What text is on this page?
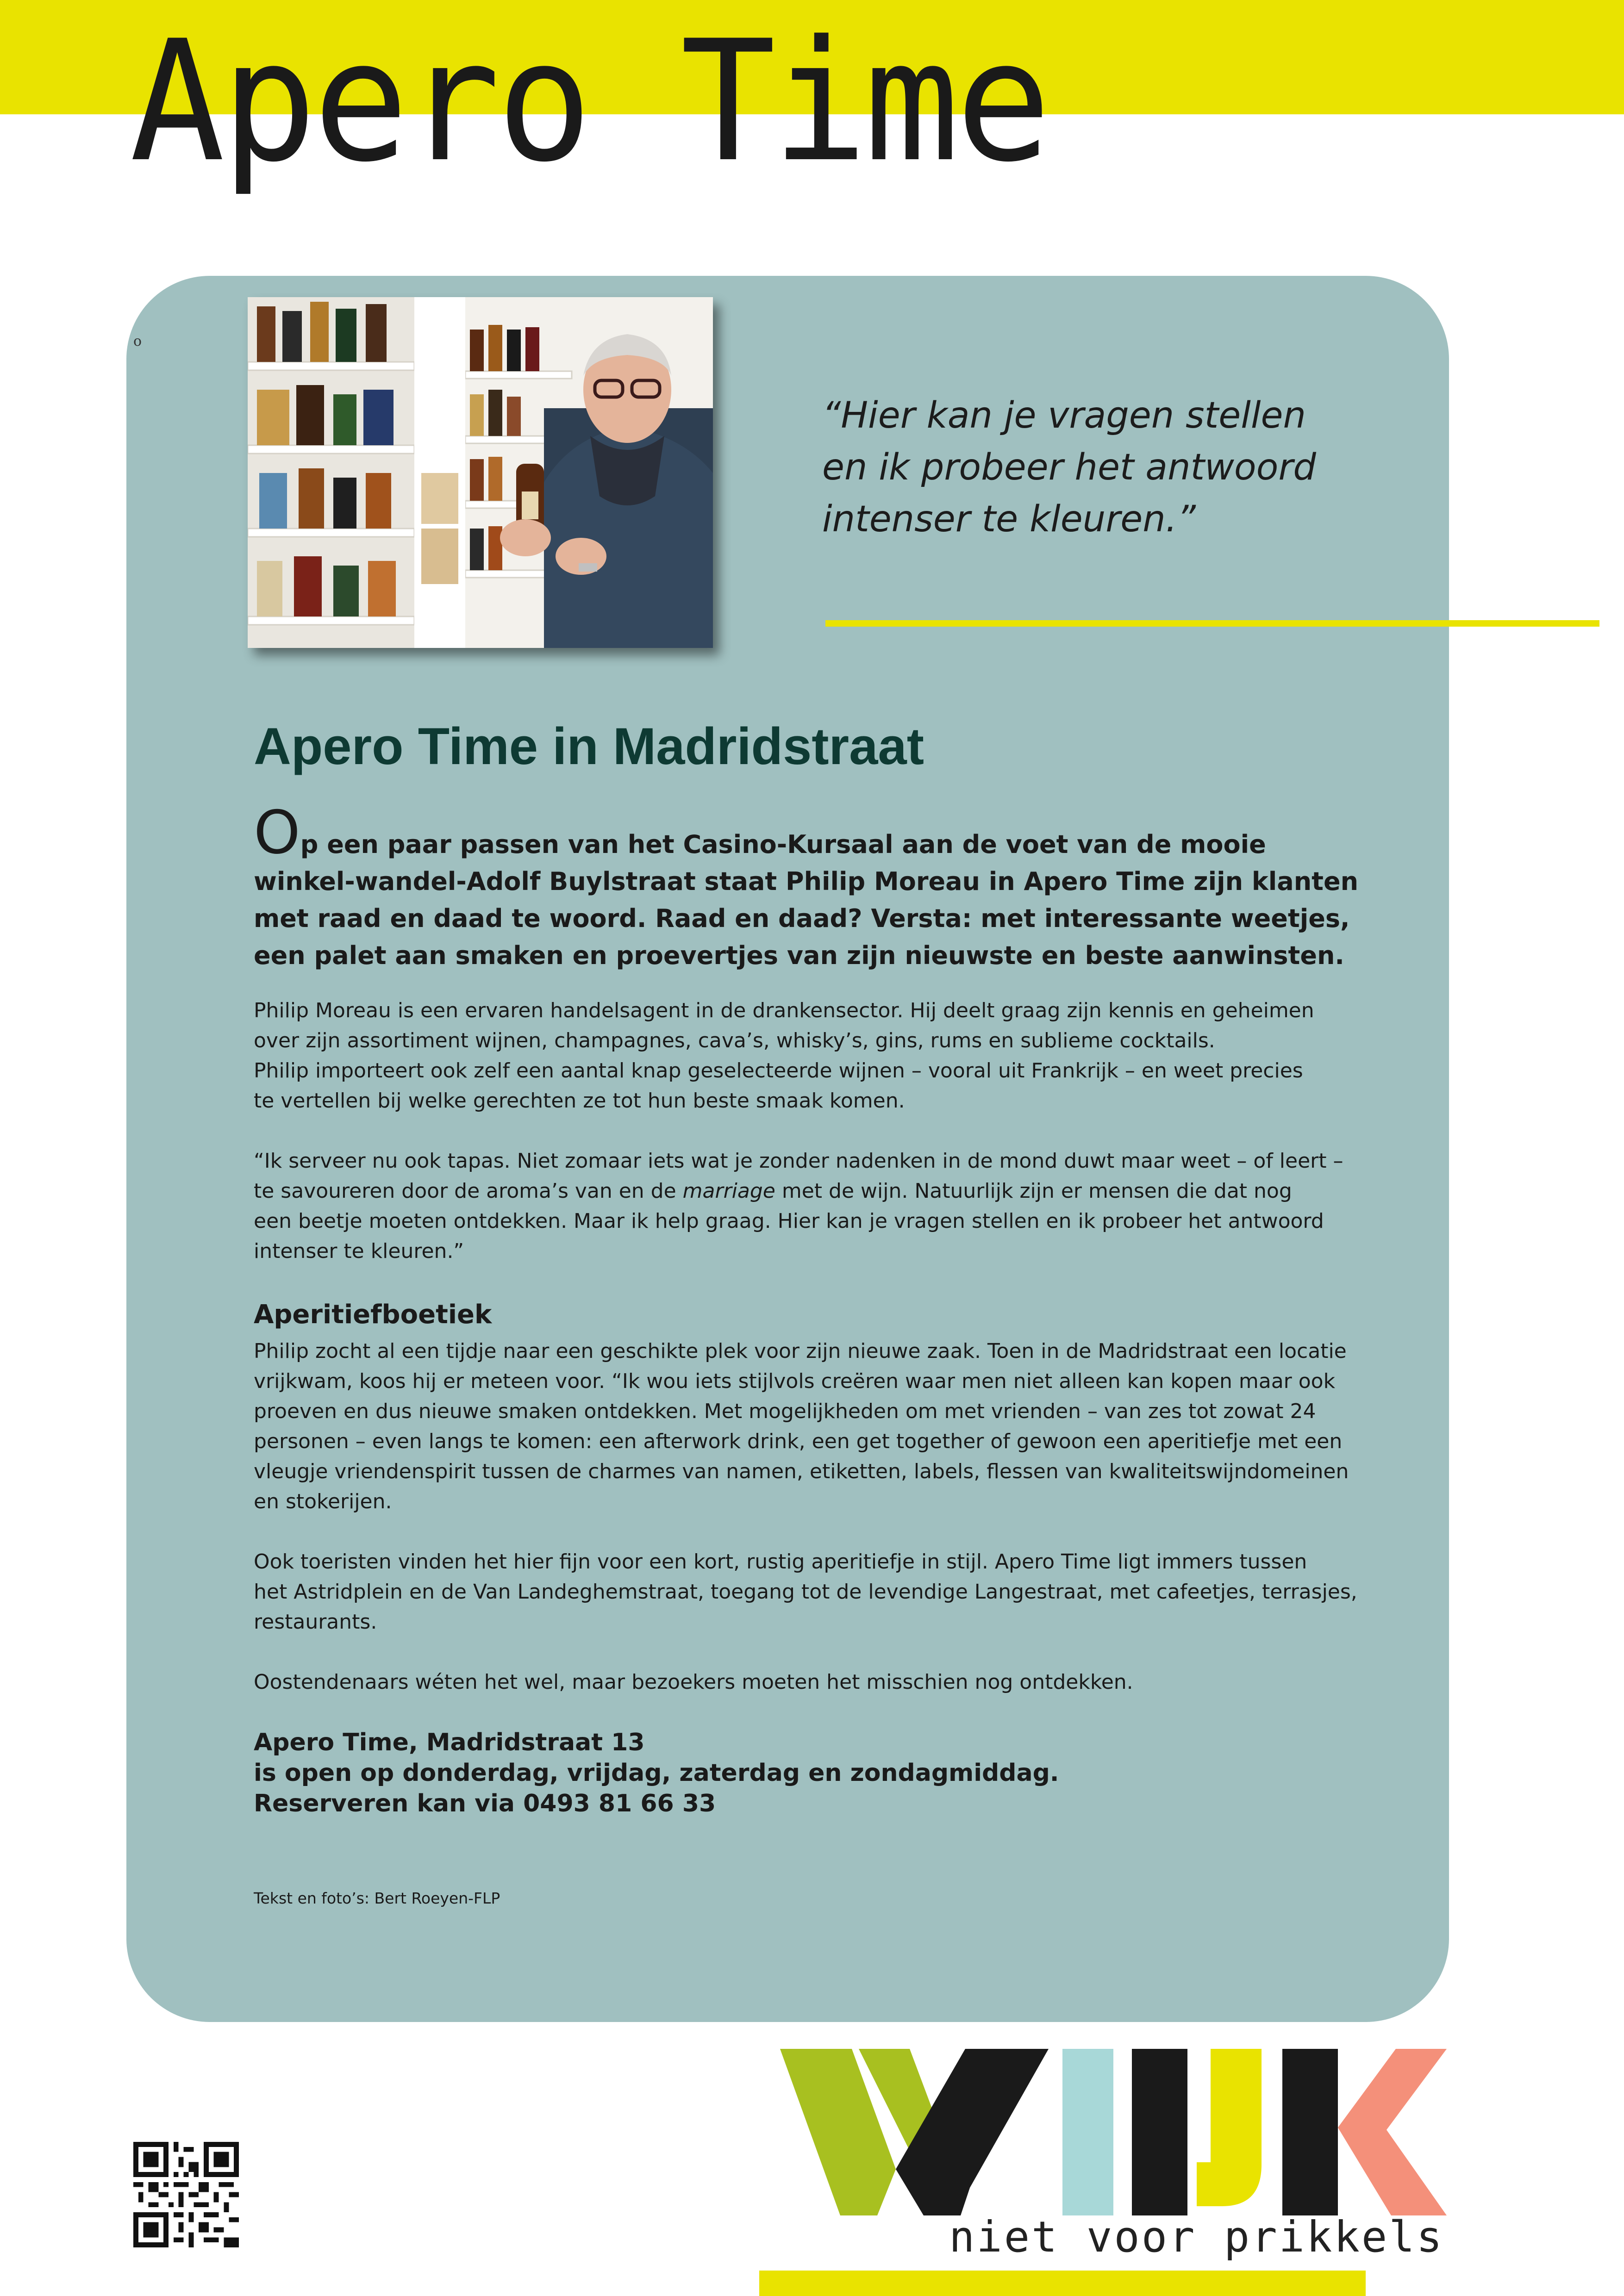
Apero Time
o
“Hier kan je vragen stellen
en ik probeer het antwoord
intenser te kleuren.”
Apero Time in Madridstraat

Op een paar passen van het Casino-Kursaal aan de voet van de mooie winkel-wandel-Adolf Buylstraat staat Philip Moreau in Apero Time zijn klanten met raad en daad te woord. Raad en daad? Versta: met interessante weetjes, een palet aan smaken en proevertjes van zijn nieuwste en beste aanwinsten.

Philip Moreau is een ervaren handelsagent in de drankensector. Hij deelt graag zijn kennis en geheimen
over zijn assortiment wijnen, champagnes, cava’s, whisky’s, gins, rums en sublieme cocktails.
Philip importeert ook zelf een aantal knap geselecteerde wijnen – vooral uit Frankrijk – en weet precies
te vertellen bij welke gerechten ze tot hun beste smaak komen.

“Ik serveer nu ook tapas. Niet zomaar iets wat je zonder nadenken in de mond duwt maar weet – of leert –
te savoureren door de aroma’s van en de marriage met de wijn. Natuurlijk zijn er mensen die dat nog
een beetje moeten ontdekken. Maar ik help graag. Hier kan je vragen stellen en ik probeer het antwoord
intenser te kleuren.”

Aperitiefboetiek

Philip zocht al een tijdje naar een geschikte plek voor zijn nieuwe zaak. Toen in de Madridstraat een locatie
vrijkwam, koos hij er meteen voor. “Ik wou iets stijlvols creëren waar men niet alleen kan kopen maar ook
proeven en dus nieuwe smaken ontdekken. Met mogelijkheden om met vrienden – van zes tot zowat 24
personen – even langs te komen: een afterwork drink, een get together of gewoon een aperitiefje met een
vleugje vriendenspirit tussen de charmes van namen, etiketten, labels, flessen van kwaliteitswijndomeinen
en stokerijen.

Ook toeristen vinden het hier fijn voor een kort, rustig aperitiefje in stijl. Apero Time ligt immers tussen
het Astridplein en de Van Landeghemstraat, toegang tot de levendige Langestraat, met cafeetjes, terrasjes,
restaurants.

Oostendenaars wéten het wel, maar bezoekers moeten het misschien nog ontdekken.

Apero Time, Madridstraat 13
is open op donderdag, vrijdag, zaterdag en zondagmiddag.
Reserveren kan via 0493 81 66 33

Tekst en foto’s: Bert Roeyen-FLP

niet voor prikkels
